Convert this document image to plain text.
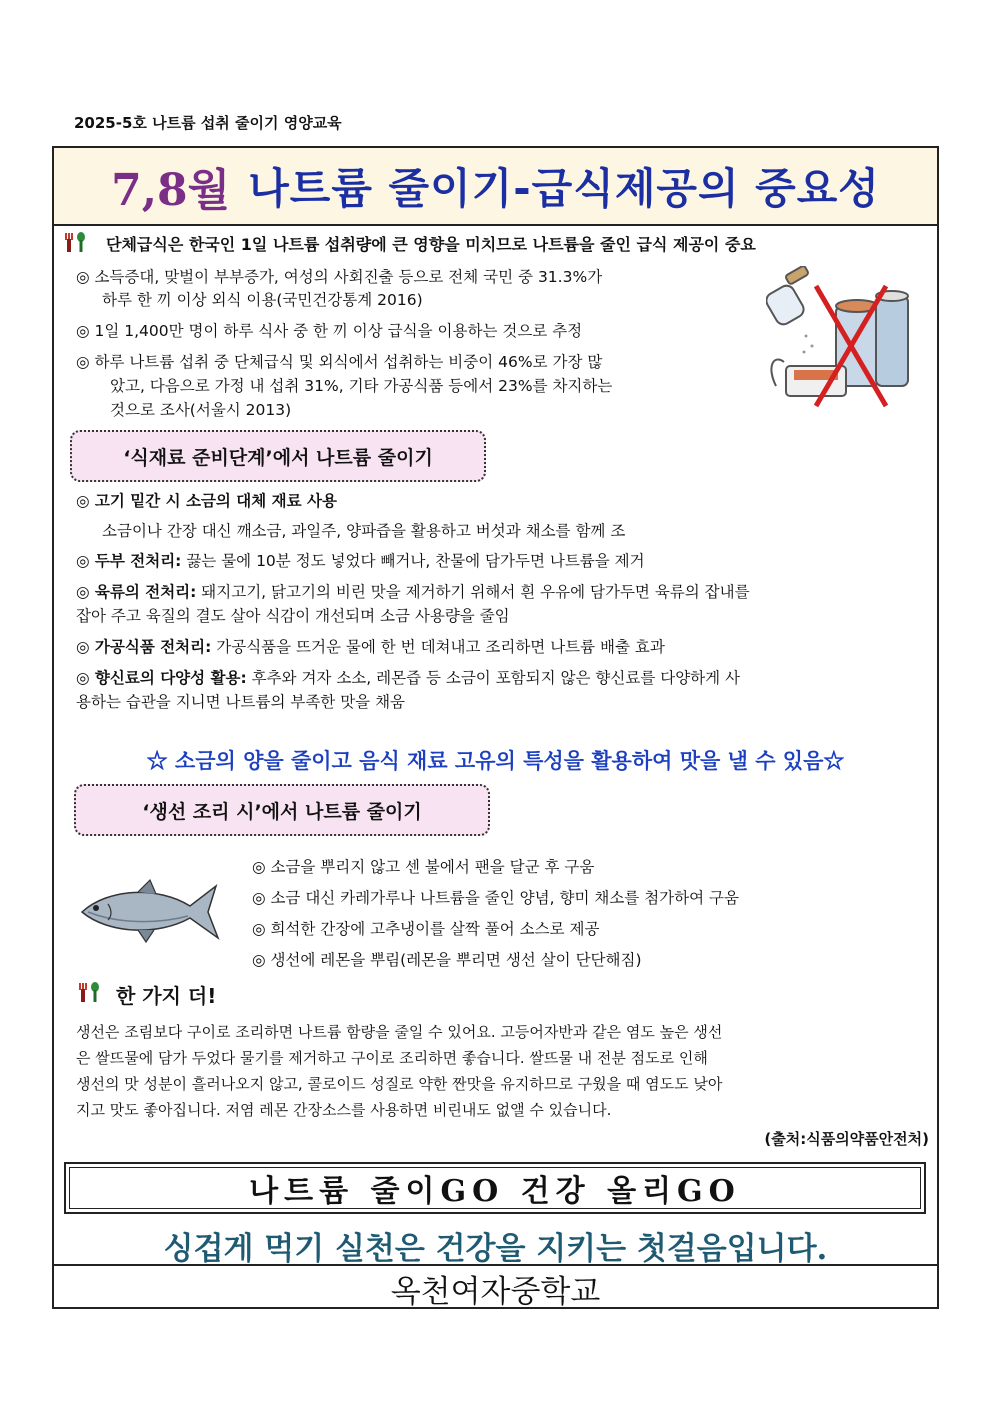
2025-5호 나트륨 섭취 줄이기 영양교육
7,8월 나트륨 줄이기-급식제공의 중요성
단체급식은 한국인 1일 나트륨 섭취량에 큰 영향을 미치므로 나트륨을 줄인 급식 제공이 중요
◎ 소득증대, 맞벌이 부부증가, 여성의 사회진출 등으로 전체 국민 중 31.3%가
하루 한 끼 이상 외식 이용(국민건강통계 2016)
◎ 1일 1,400만 명이 하루 식사 중 한 끼 이상 급식을 이용하는 것으로 추정
◎ 하루 나트륨 섭취 중 단체급식 및 외식에서 섭취하는 비중이 46%로 가장 많
았고, 다음으로 가정 내 섭취 31%, 기타 가공식품 등에서 23%를 차지하는
것으로 조사(서울시 2013)
‘식재료 준비단계’에서 나트륨 줄이기
◎ 고기 밑간 시 소금의 대체 재료 사용
소금이나 간장 대신 깨소금, 과일주, 양파즙을 활용하고 버섯과 채소를 함께 조
◎ 두부 전처리: 끓는 물에 10분 정도 넣었다 빼거나, 찬물에 담가두면 나트륨을 제거
◎ 육류의 전처리: 돼지고기, 닭고기의 비린 맛을 제거하기 위해서 흰 우유에 담가두면 육류의 잡내를
잡아 주고 육질의 결도 살아 식감이 개선되며 소금 사용량을 줄임
◎ 가공식품 전처리: 가공식품을 뜨거운 물에 한 번 데쳐내고 조리하면 나트륨 배출 효과
◎ 향신료의 다양성 활용: 후추와 겨자 소소, 레몬즙 등 소금이 포함되지 않은 향신료를 다양하게 사
용하는 습관을 지니면 나트륨의 부족한 맛을 채움
☆ 소금의 양을 줄이고 음식 재료 고유의 특성을 활용하여 맛을 낼 수 있음☆
‘생선 조리 시’에서 나트륨 줄이기
◎ 소금을 뿌리지 않고 센 불에서 팬을 달군 후 구움
◎ 소금 대신 카레가루나 나트륨을 줄인 양념, 향미 채소를 첨가하여 구움
◎ 희석한 간장에 고추냉이를 살짝 풀어 소스로 제공
◎ 생선에 레몬을 뿌림(레몬을 뿌리면 생선 살이 단단해짐)
한 가지 더!
생선은 조림보다 구이로 조리하면 나트륨 함량을 줄일 수 있어요. 고등어자반과 같은 염도 높은 생선
은 쌀뜨물에 담가 두었다 물기를 제거하고 구이로 조리하면 좋습니다. 쌀뜨물 내 전분 점도로 인해
생선의 맛 성분이 흘러나오지 않고, 콜로이드 성질로 약한 짠맛을 유지하므로 구웠을 때 염도도 낮아
지고 맛도 좋아집니다. 저염 레몬 간장소스를 사용하면 비린내도 없앨 수 있습니다.
(출처:식품의약품안전처)
나트륨 줄이GO 건강 올리GO
싱겁게 먹기 실천은 건강을 지키는 첫걸음입니다.
옥천여자중학교
